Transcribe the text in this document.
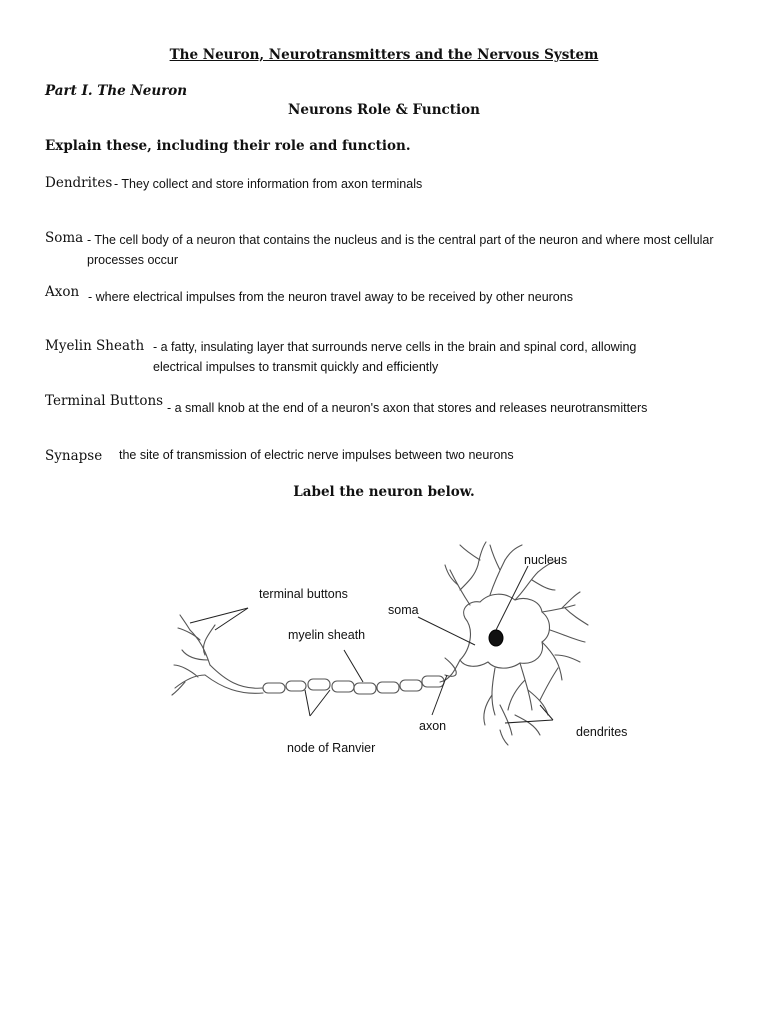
The Neuron, Neurotransmitters and the Nervous System
Part I. The Neuron
Neurons Role & Function
Explain these, including their role and function.
Dendrites - They collect and store information from axon terminals
Soma - The cell body of a neuron that contains the nucleus and is the central part of the neuron and where most cellular processes occur
Axon - where electrical impulses from the neuron travel away to be received by other neurons
Myelin Sheath - a fatty, insulating layer that surrounds nerve cells in the brain and spinal cord, allowing electrical impulses to transmit quickly and efficiently
Terminal Buttons - a small knob at the end of a neuron's axon that stores and releases neurotransmitters
Synapse the site of transmission of electric nerve impulses between two neurons
Label the neuron below.
nucleus
terminal buttons
soma
myelin sheath
axon	dendrites
node of Ranvier
